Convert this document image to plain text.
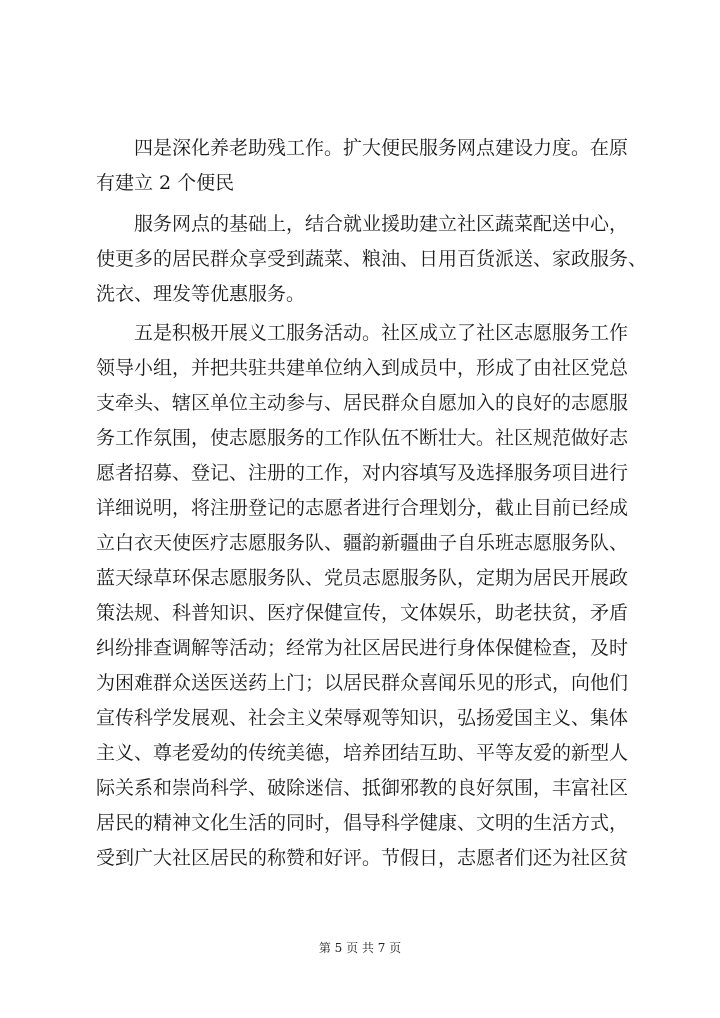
四是深化养老助残工作。扩大便民服务网点建设力度。在原

有建立 2 个便民

服务网点的基础上，结合就业援助建立社区蔬菜配送中心，

使更多的居民群众享受到蔬菜、粮油、日用百货派送、家政服务、

洗衣、理发等优惠服务。

五是积极开展义工服务活动。社区成立了社区志愿服务工作

领导小组，并把共驻共建单位纳入到成员中，形成了由社区党总

支牵头、辖区单位主动参与、居民群众自愿加入的良好的志愿服

务工作氛围，使志愿服务的工作队伍不断壮大。社区规范做好志

愿者招募、登记、注册的工作，对内容填写及选择服务项目进行

详细说明，将注册登记的志愿者进行合理划分，截止目前已经成

立白衣天使医疗志愿服务队、疆韵新疆曲子自乐班志愿服务队、

蓝天绿草环保志愿服务队、党员志愿服务队，定期为居民开展政

策法规、科普知识、医疗保健宣传，文体娱乐，助老扶贫，矛盾

纠纷排查调解等活动；经常为社区居民进行身体保健检查，及时

为困难群众送医送药上门；以居民群众喜闻乐见的形式，向他们

宣传科学发展观、社会主义荣辱观等知识，弘扬爱国主义、集体

主义、尊老爱幼的传统美德，培养团结互助、平等友爱的新型人

际关系和崇尚科学、破除迷信、抵御邪教的良好氛围，丰富社区

居民的精神文化生活的同时，倡导科学健康、文明的生活方式，

受到广大社区居民的称赞和好评。节假日，志愿者们还为社区贫

第 5 页 共 7 页
